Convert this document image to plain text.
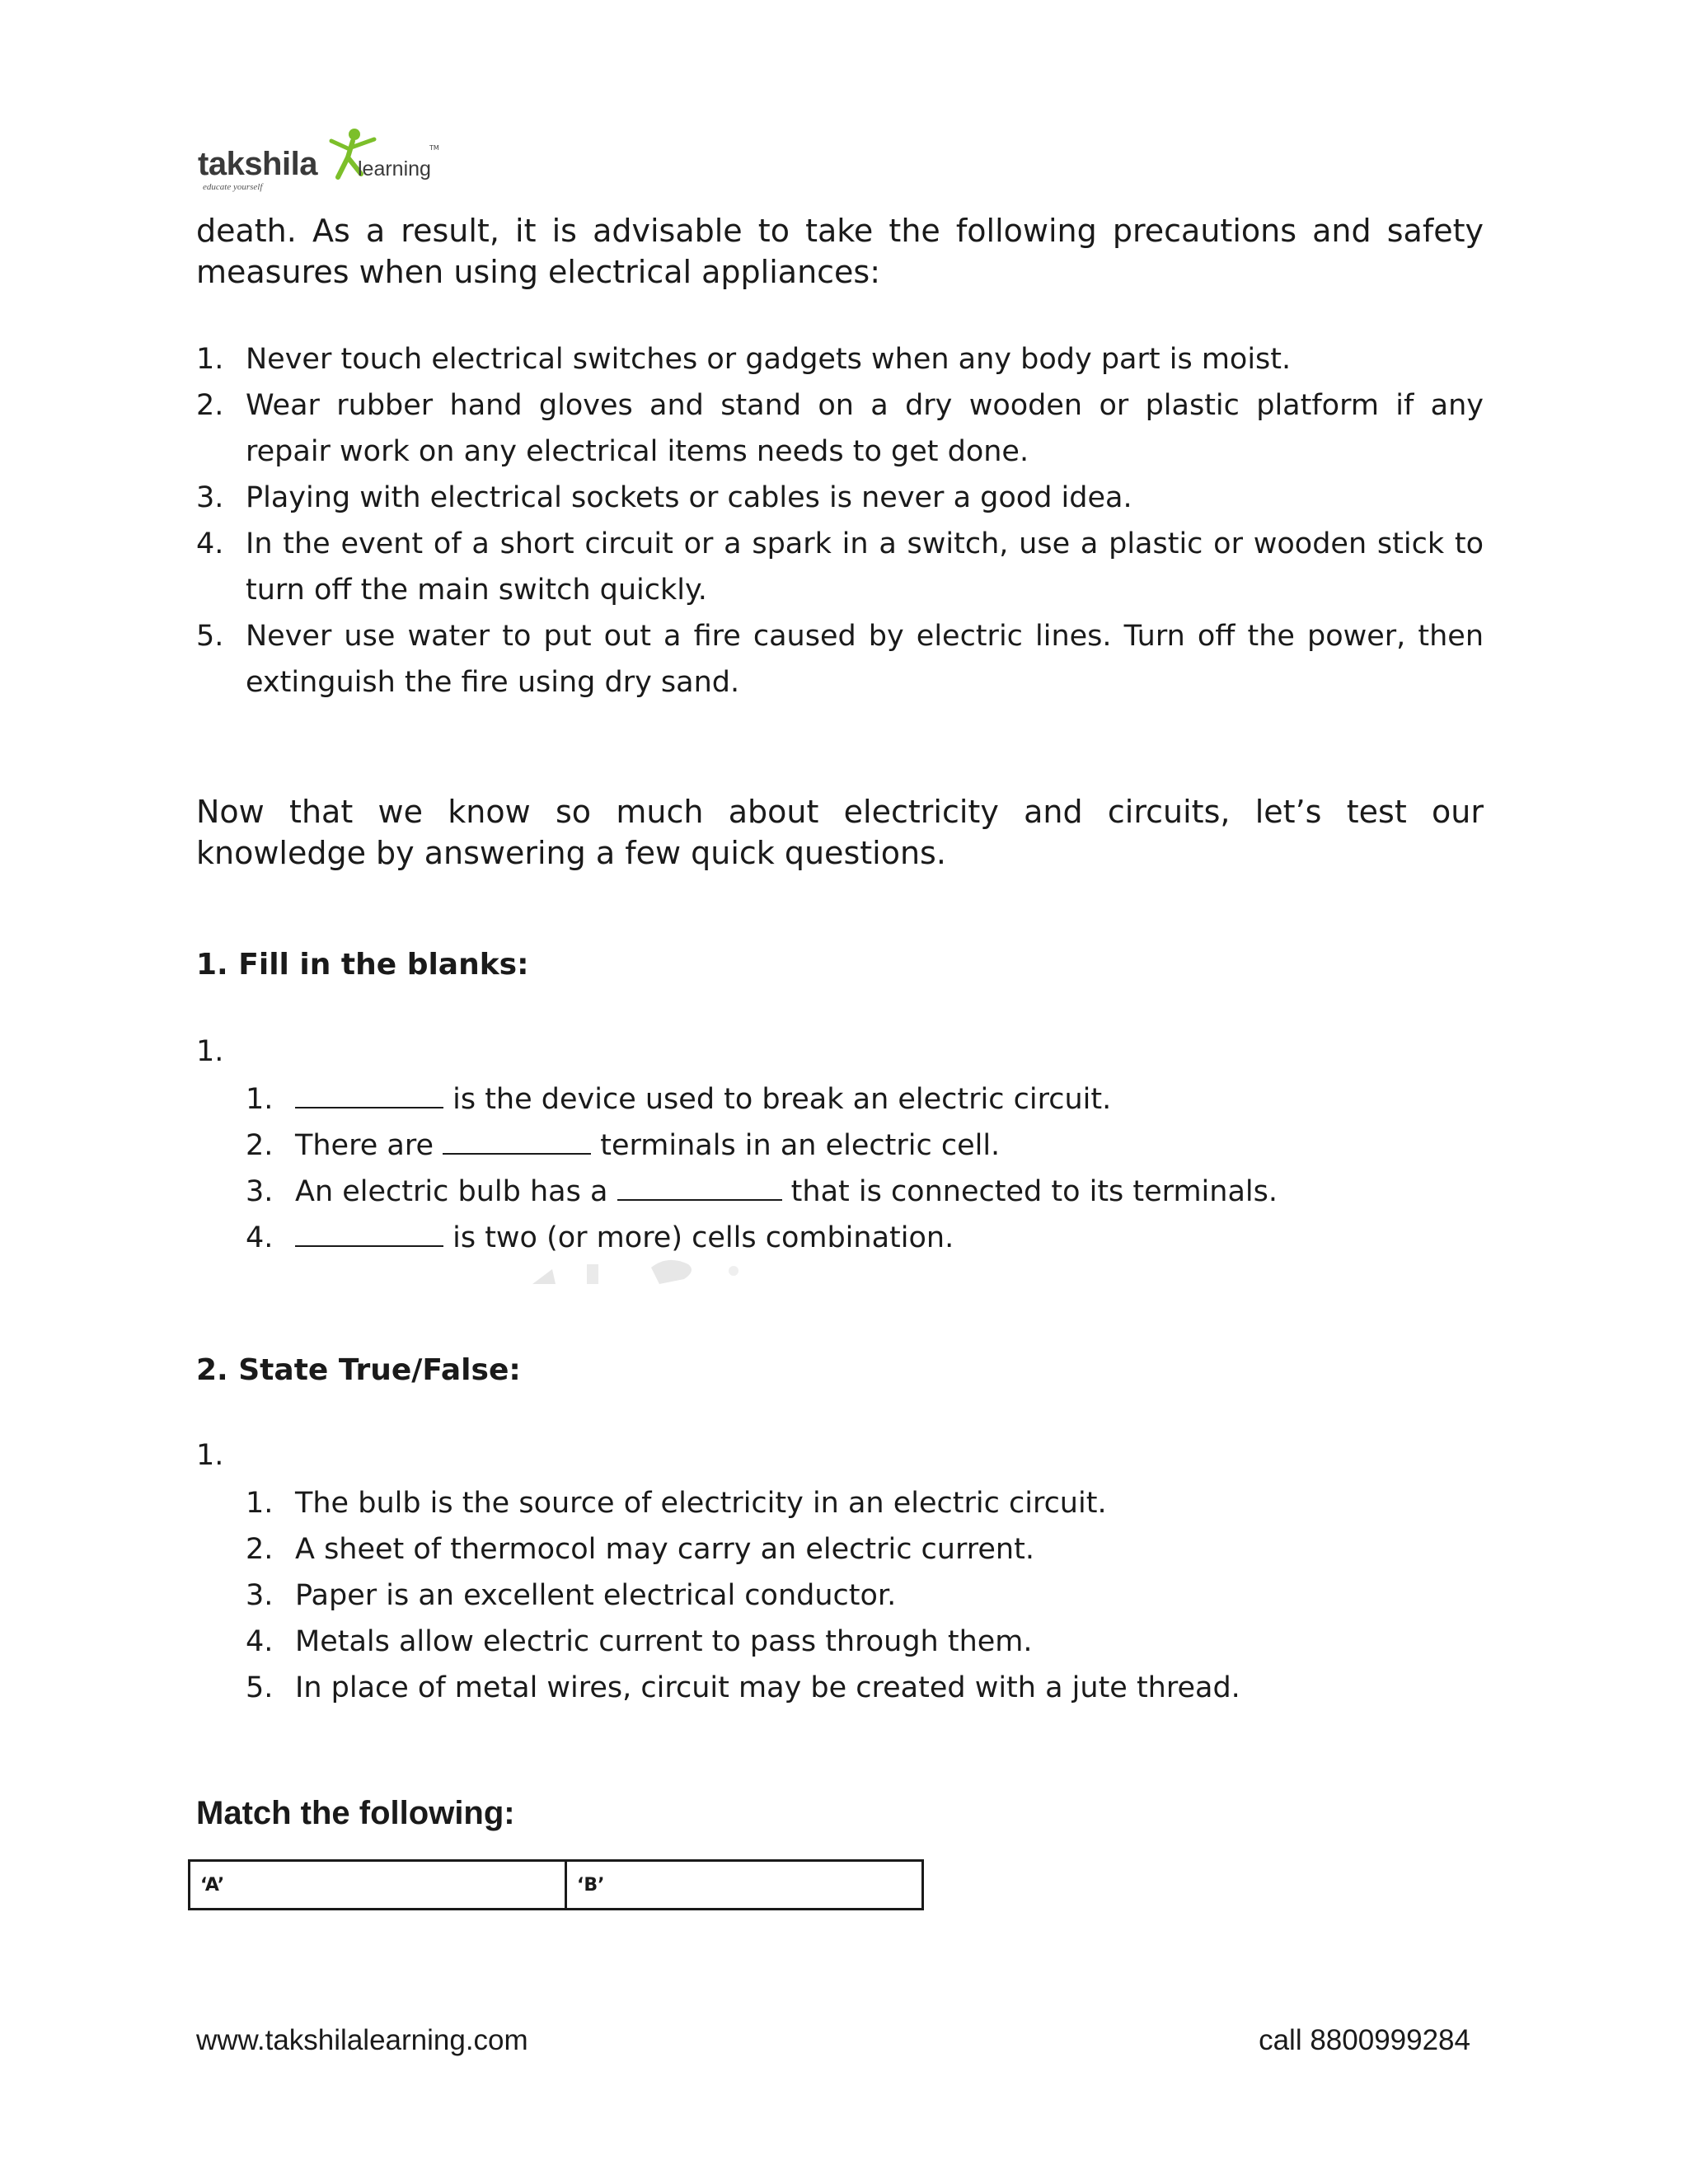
takshila learning
educate yourself
TM
death. As a result, it is advisable to take the following precautions and safety
measures when using electrical appliances:
1. Never touch electrical switches or gadgets when any body part is moist.
2. Wear rubber hand gloves and stand on a dry wooden or plastic platform if any
repair work on any electrical items needs to get done.
3. Playing with electrical sockets or cables is never a good idea.
4. In the event of a short circuit or a spark in a switch, use a plastic or wooden stick to
turn off the main switch quickly.
5. Never use water to put out a fire caused by electric lines. Turn off the power, then
extinguish the fire using dry sand.
Now that we know so much about electricity and circuits, let’s test our
knowledge by answering a few quick questions.
1. Fill in the blanks:
1.
1.	is the device used to break an electric circuit.
2. There are	terminals in an electric cell.
3. An electric bulb has a	that is connected to its terminals.
4.	is two (or more) cells combination.
2. State True/False:
1.
1. The bulb is the source of electricity in an electric circuit.
2. A sheet of thermocol may carry an electric current.
3. Paper is an excellent electrical conductor.
4. Metals allow electric current to pass through them.
5. In place of metal wires, circuit may be created with a jute thread.
Match the following:
‘A’	‘B’
www.takshilalearning.com	call 8800999284
